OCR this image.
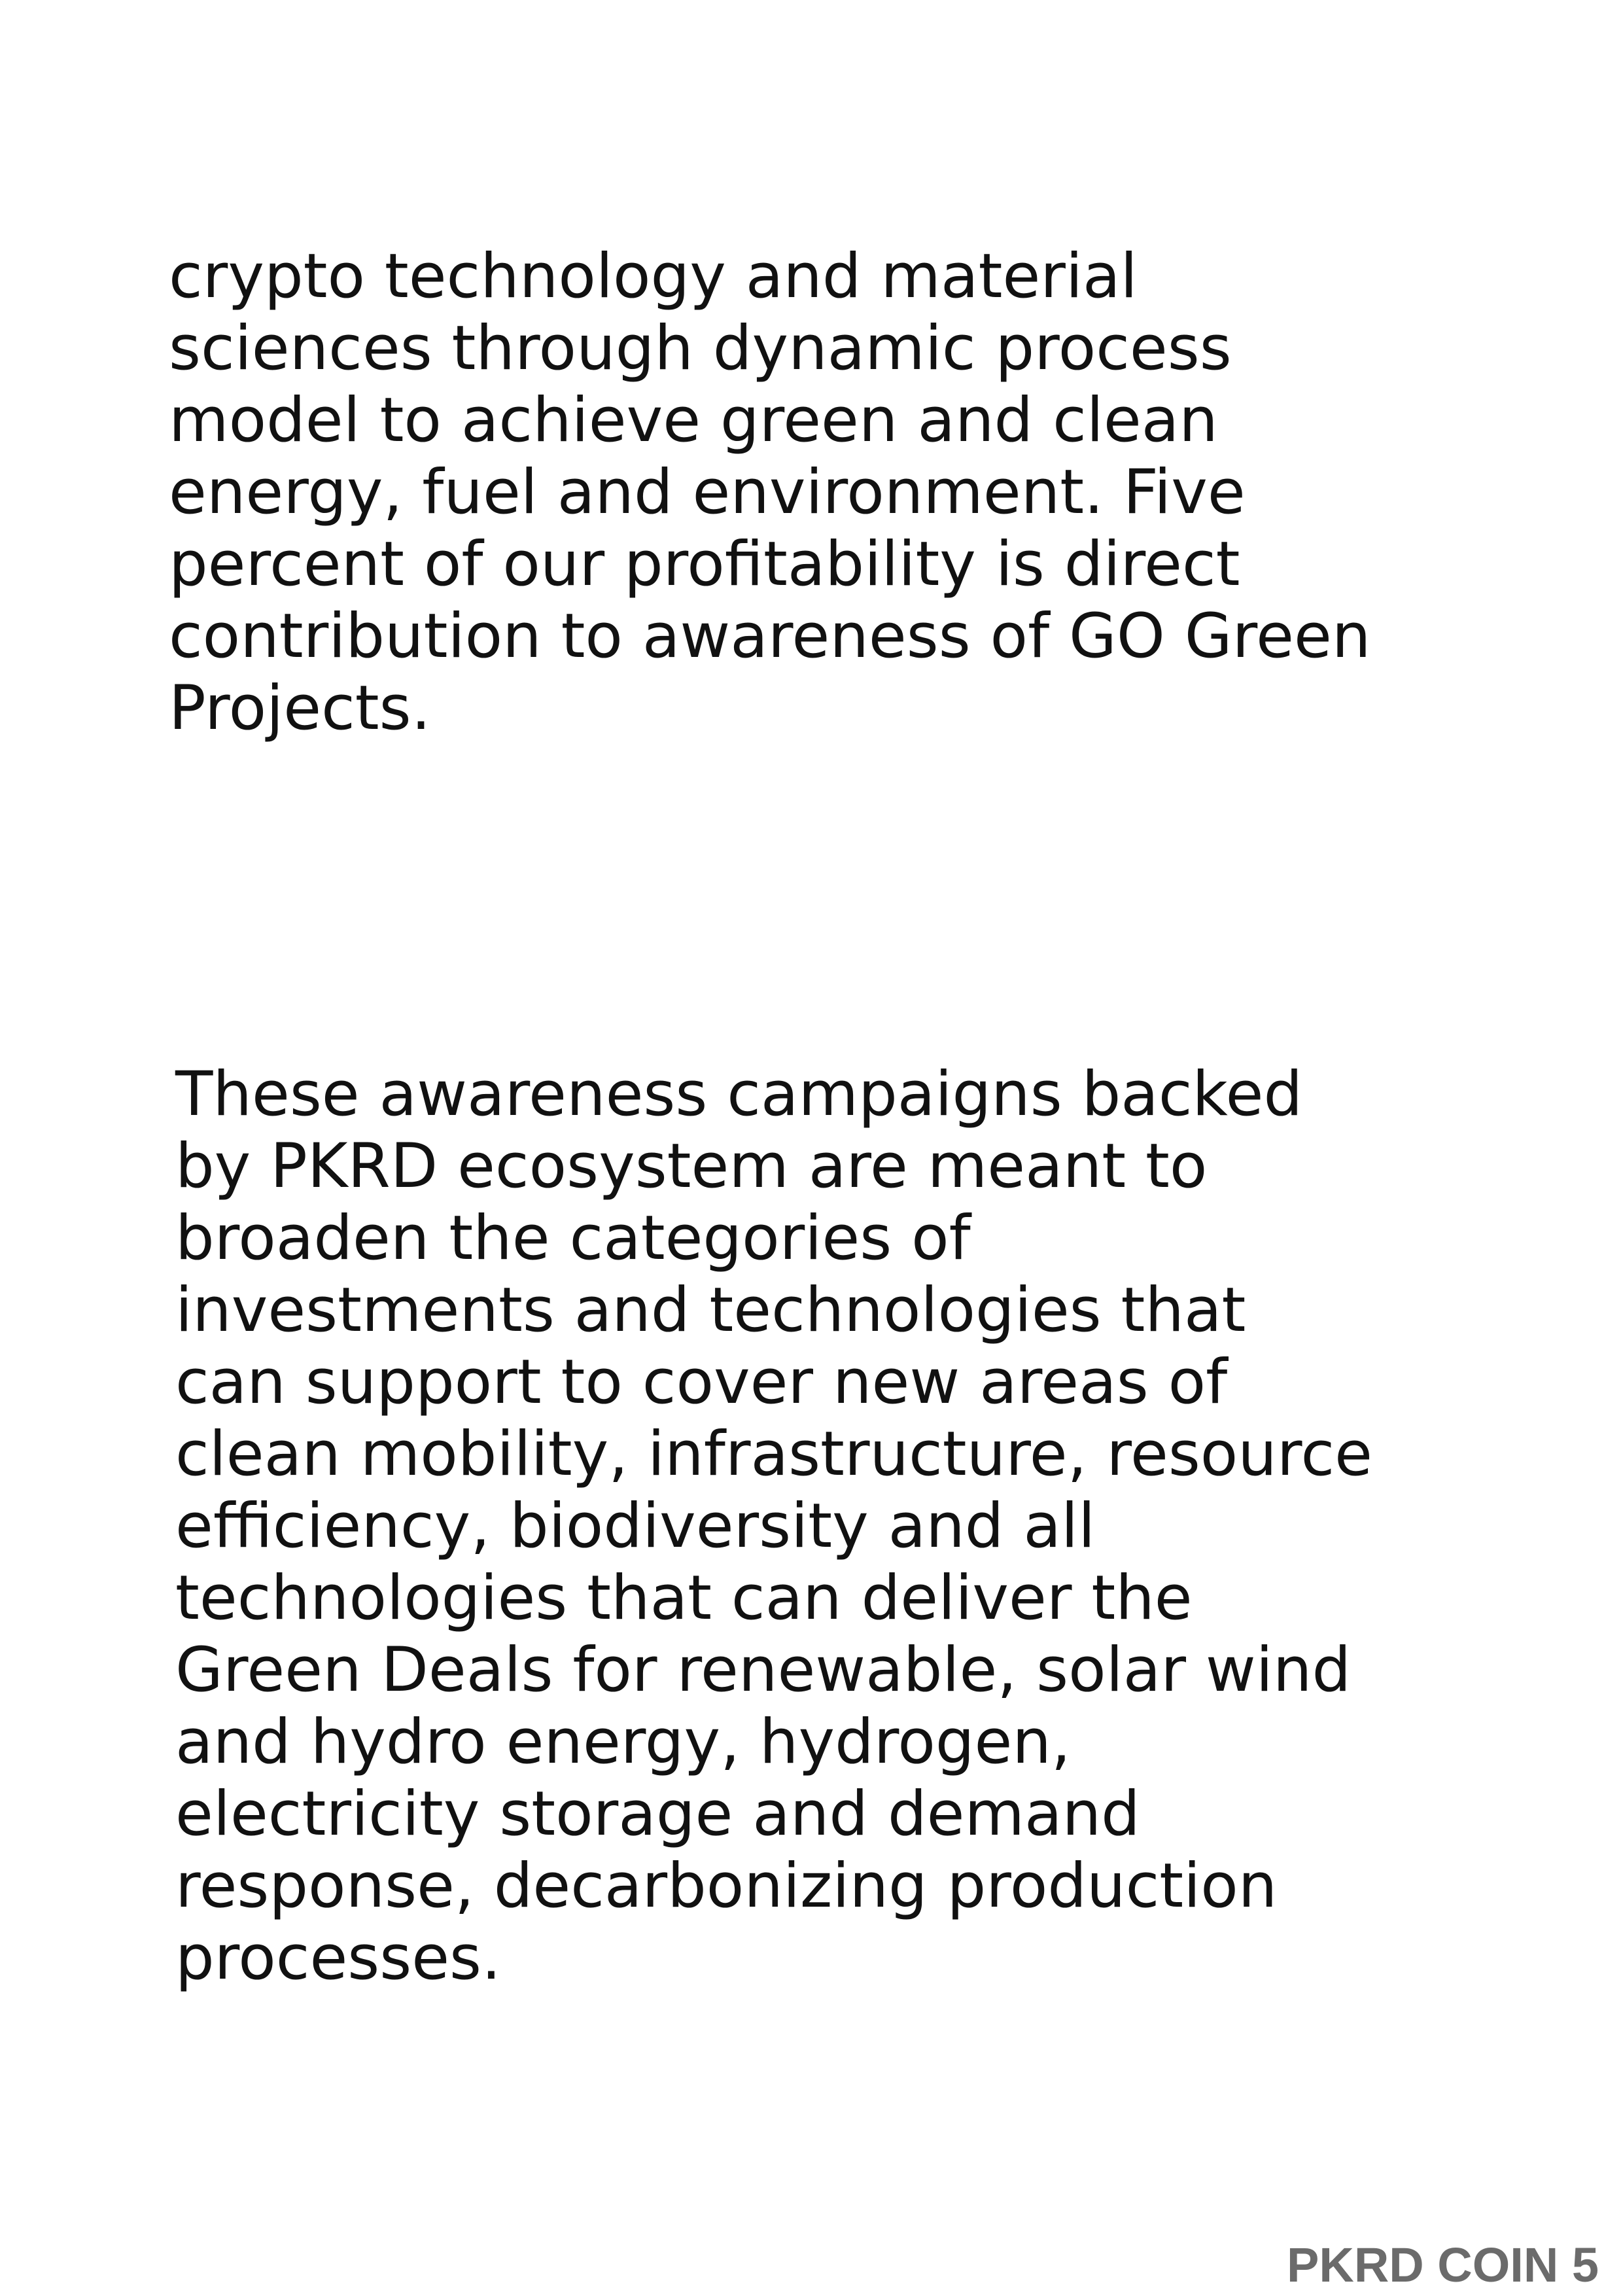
crypto technology and material
sciences through dynamic process
model to achieve green and clean
energy, fuel and environment. Five
percent of our profitability is direct
contribution to awareness of GO Green
Projects.

These awareness campaigns backed
by PKRD ecosystem are meant to
broaden the categories of
investments and technologies that
can support to cover new areas of
clean mobility, infrastructure, resource
efficiency, biodiversity and all
technologies that can deliver the
Green Deals for renewable, solar wind
and hydro energy, hydrogen,
electricity storage and demand
response, decarbonizing production
processes.

PKRD COIN 5
